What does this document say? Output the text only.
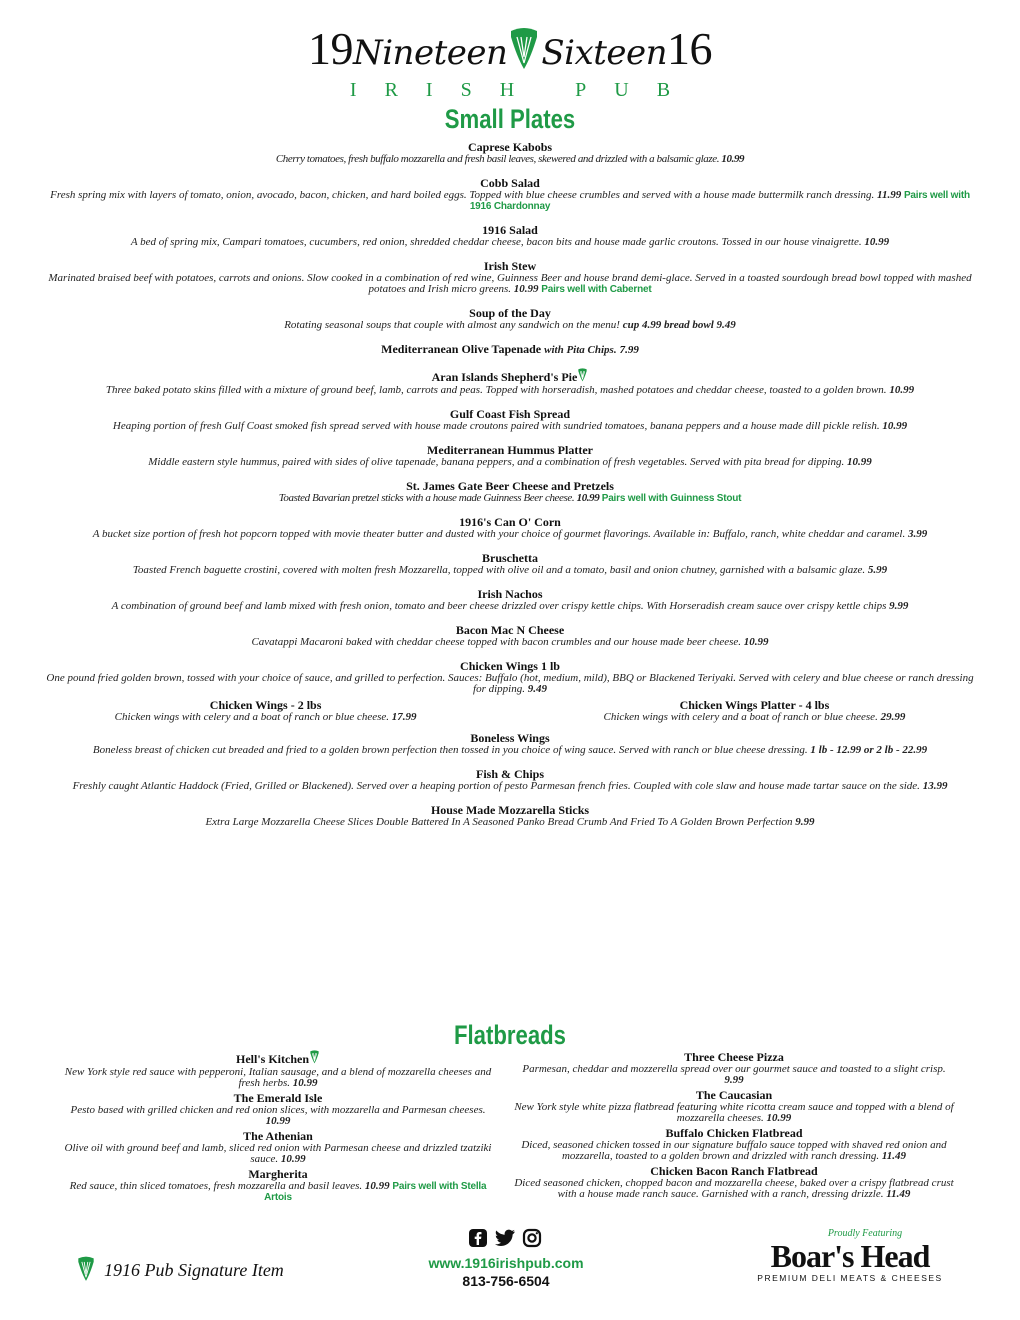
19Nineteen Sixteen16
IRISH PUB
Small Plates
Caprese Kabobs
Cherry tomatoes, fresh buffalo mozzarella and fresh basil leaves, skewered and drizzled with a balsamic glaze. 10.99
Cobb Salad
Fresh spring mix with layers of tomato, onion, avocado, bacon, chicken, and hard boiled eggs. Topped with blue cheese crumbles and served with a house made buttermilk ranch dressing. 11.99 Pairs well with 1916 Chardonnay
1916 Salad
A bed of spring mix, Campari tomatoes, cucumbers, red onion, shredded cheddar cheese, bacon bits and house made garlic croutons. Tossed in our house vinaigrette. 10.99
Irish Stew
Marinated braised beef with potatoes, carrots and onions. Slow cooked in a combination of red wine, Guinness Beer and house brand demi-glace. Served in a toasted sourdough bread bowl topped with mashed potatoes and Irish micro greens. 10.99 Pairs well with Cabernet
Soup of the Day
Rotating seasonal soups that couple with almost any sandwich on the menu! cup 4.99 bread bowl 9.49
Mediterranean Olive Tapenade with Pita Chips. 7.99
Aran Islands Shepherd's Pie
Three baked potato skins filled with a mixture of ground beef, lamb, carrots and peas. Topped with horseradish, mashed potatoes and cheddar cheese, toasted to a golden brown. 10.99
Gulf Coast Fish Spread
Heaping portion of fresh Gulf Coast smoked fish spread served with house made croutons paired with sundried tomatoes, banana peppers and a house made dill pickle relish. 10.99
Mediterranean Hummus Platter
Middle eastern style hummus, paired with sides of olive tapenade, banana peppers, and a combination of fresh vegetables. Served with pita bread for dipping. 10.99
St. James Gate Beer Cheese and Pretzels
Toasted Bavarian pretzel sticks with a house made Guinness Beer cheese. 10.99 Pairs well with Guinness Stout
1916's Can O' Corn
A bucket size portion of fresh hot popcorn topped with movie theater butter and dusted with your choice of gourmet flavorings. Available in: Buffalo, ranch, white cheddar and caramel. 3.99
Bruschetta
Toasted French baguette crostini, covered with molten fresh Mozzarella, topped with olive oil and a tomato, basil and onion chutney, garnished with a balsamic glaze. 5.99
Irish Nachos
A combination of ground beef and lamb mixed with fresh onion, tomato and beer cheese drizzled over crispy kettle chips. With Horseradish cream sauce over crispy kettle chips 9.99
Bacon Mac N Cheese
Cavatappi Macaroni baked with cheddar cheese topped with bacon crumbles and our house made beer cheese. 10.99
Chicken Wings 1 lb
One pound fried golden brown, tossed with your choice of sauce, and grilled to perfection. Sauces: Buffalo (hot, medium, mild), BBQ or Blackened Teriyaki. Served with celery and blue cheese or ranch dressing for dipping. 9.49
Chicken Wings - 2 lbs
Chicken wings with celery and a boat of ranch or blue cheese. 17.99
Chicken Wings Platter - 4 lbs
Chicken wings with celery and a boat of ranch or blue cheese. 29.99
Boneless Wings
Boneless breast of chicken cut breaded and fried to a golden brown perfection then tossed in you choice of wing sauce. Served with ranch or blue cheese dressing. 1 lb - 12.99 or 2 lb - 22.99
Fish & Chips
Freshly caught Atlantic Haddock (Fried, Grilled or Blackened). Served over a heaping portion of pesto Parmesan french fries. Coupled with cole slaw and house made tartar sauce on the side. 13.99
House Made Mozzarella Sticks
Extra Large Mozzarella Cheese Slices Double Battered In A Seasoned Panko Bread Crumb And Fried To A Golden Brown Perfection 9.99
Flatbreads
Hell's Kitchen
New York style red sauce with pepperoni, Italian sausage, and a blend of mozzarella cheeses and fresh herbs. 10.99
The Emerald Isle
Pesto based with grilled chicken and red onion slices, with mozzarella and Parmesan cheeses. 10.99
The Athenian
Olive oil with ground beef and lamb, sliced red onion with Parmesan cheese and drizzled tzatziki sauce. 10.99
Margherita
Red sauce, thin sliced tomatoes, fresh mozzarella and basil leaves. 10.99 Pairs well with Stella Artois
Three Cheese Pizza
Parmesan, cheddar and mozzerella spread over our gourmet sauce and toasted to a slight crisp. 9.99
The Caucasian
New York style white pizza flatbread featuring white ricotta cream sauce and topped with a blend of mozzarella cheeses. 10.99
Buffalo Chicken Flatbread
Diced, seasoned chicken tossed in our signature buffalo sauce topped with shaved red onion and mozzarella, toasted to a golden brown and drizzled with ranch dressing. 11.49
Chicken Bacon Ranch Flatbread
Diced seasoned chicken, chopped bacon and mozzarella cheese, baked over a crispy flatbread crust with a house made ranch sauce. Garnished with a ranch, dressing drizzle. 11.49
1916 Pub Signature Item	www.1916irishpub.com
813-756-6504
Proudly Featuring
Boar's Head
PREMIUM DELI MEATS & CHEESES
